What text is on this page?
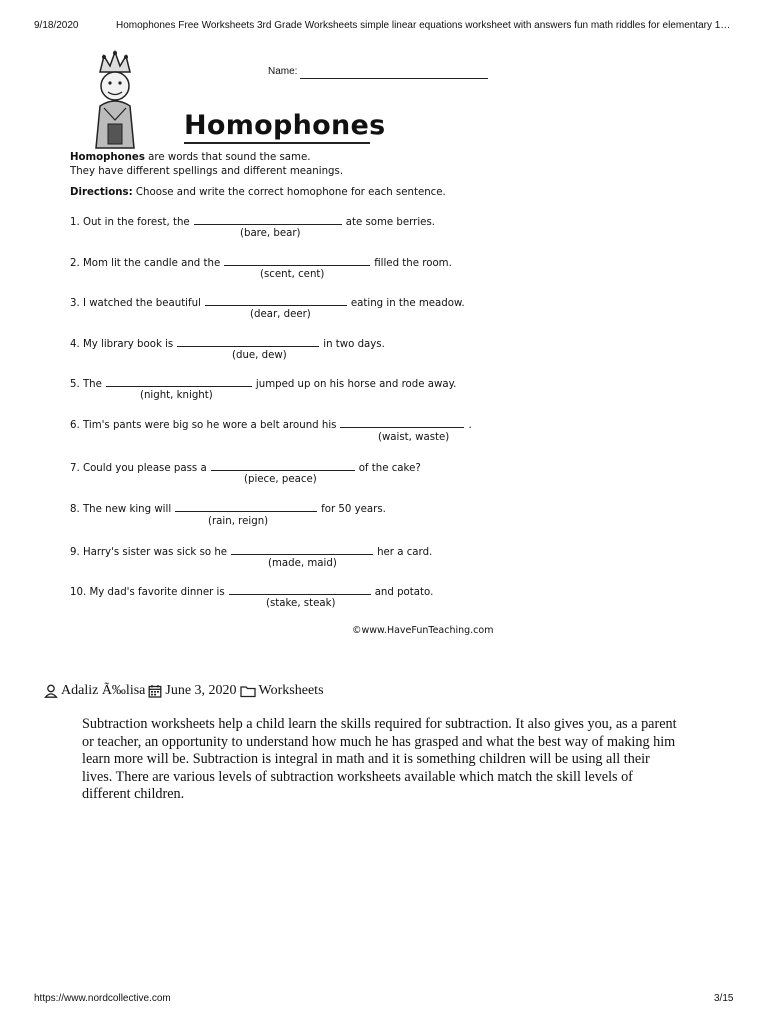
9/18/2020	Homophones Free Worksheets 3rd Grade Worksheets simple linear equations worksheet with answers fun math riddles for elementary 1…
Name:
Homophones
Homophones are words that sound the same.
They have different spellings and different meanings.
Directions: Choose and write the correct homophone for each sentence.
1. Out in the forest, the	ate some berries.
(bare, bear)
2. Mom lit the candle and the	filled the room.
(scent, cent)
3. I watched the beautiful	eating in the meadow.
(dear, deer)
4. My library book is	in two days.
(due, dew)
5. The	jumped up on his horse and rode away.
(night, knight)
6. Tim's pants were big so he wore a belt around his	.
(waist, waste)
7. Could you please pass a	of the cake?
(piece, peace)
8. The new king will	for 50 years.
(rain, reign)
9. Harry's sister was sick so he	her a card.
(made, maid)
10. My dad's favorite dinner is	and potato.
(stake, steak)
©www.HaveFunTeaching.com
Adaliz Ã‰lisa June 3, 2020 Worksheets
Subtraction worksheets help a child learn the skills required for subtraction. It also gives you, as a parent or teacher, an opportunity to understand how much he has grasped and what the best way of making him learn more will be. Subtraction is integral in math and it is something children will be using all their lives. There are various levels of subtraction worksheets available which match the skill levels of different children.
https://www.nordcollective.com	3/15
